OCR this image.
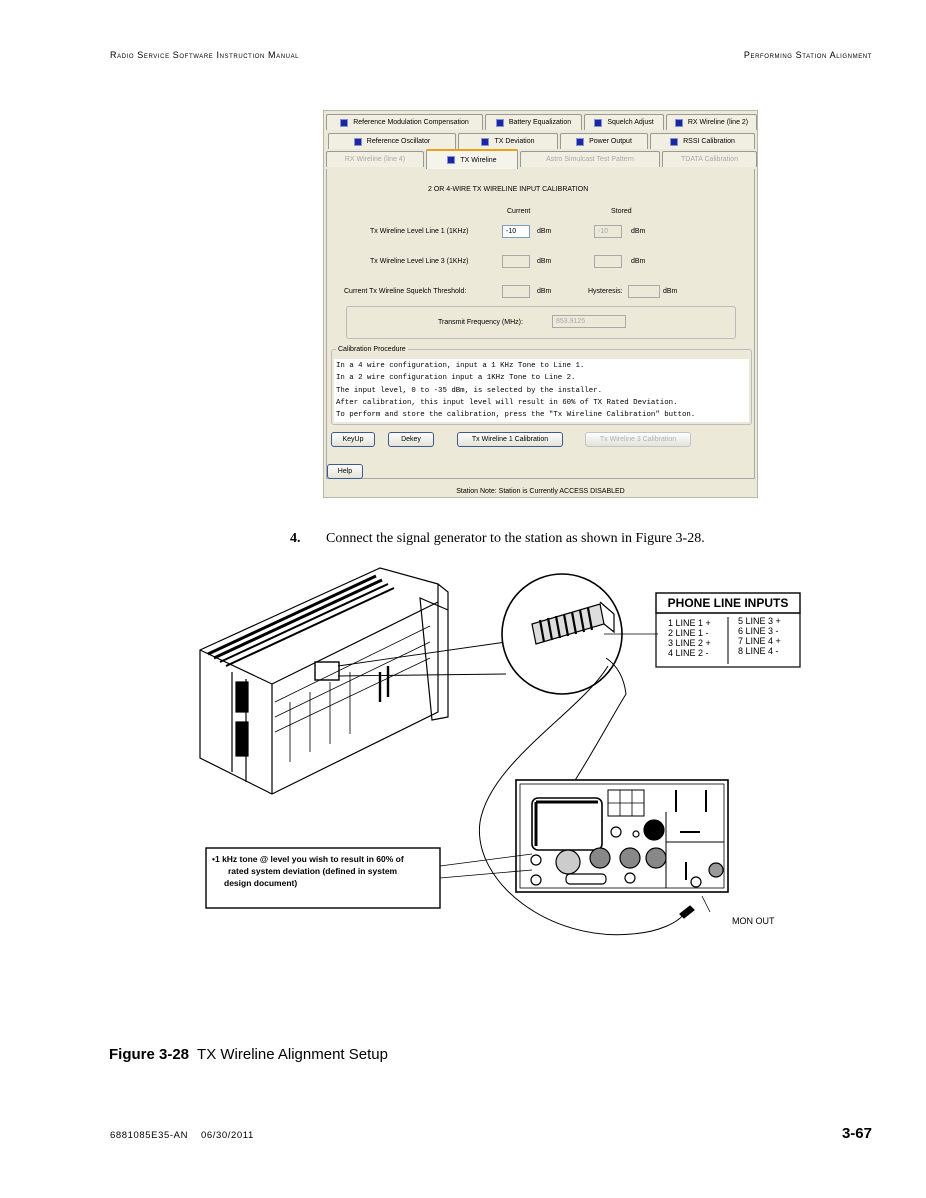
Radio Service Software Instruction Manual	Performing Station Alignment
Reference Modulation Compensation	Battery Equalization	Squelch Adjust	RX Wireline (line 2)
Reference Oscillator	TX Deviation	Power Output	RSSI Calibration
RX Wireline (line 4)	TX Wireline	Astro Simulcast Test Pattern	TDATA Calibration
2 OR 4-WIRE TX WIRELINE INPUT CALIBRATION
Current	Stored
Tx Wireline Level Line 1 (1KHz)	-10	dBm	-10	dBm
Tx Wireline Level Line 3 (1KHz)	dBm	dBm
Current Tx Wireline Squelch Threshold:	dBm	Hysteresis:	dBm
Transmit Frequency (MHz):	853.9125
Calibration Procedure
In a 4 wire configuration, input a 1 KHz Tone to Line 1.
In a 2 wire configuration input a 1KHz Tone to Line 2.
The input level, 0 to -35 dBm, is selected by the installer.
After calibration, this input level will result in 60% of TX Rated Deviation.
To perform and store the calibration, press the "Tx Wireline Calibration" button.
KeyUp	Dekey	Tx Wireline 1 Calibration	Tx Wireline 3 Calibration
Help
Station Note: Station is Currently ACCESS DISABLED
4. Connect the signal generator to the station as shown in Figure 3-28.
PHONE LINE INPUTS
1 LINE 1 +
2 LINE 1 -
3 LINE 2 +
4 LINE 2 -
5 LINE 3 +
6 LINE 3 -
7 LINE 4 +
8 LINE 4 -
•1 kHz tone @ level you wish to result in 60% of
rated system deviation (defined in system
design document)
MON OUT
Figure 3-28 TX Wireline Alignment Setup
6881085E35-AN    06/30/2011	3-67
